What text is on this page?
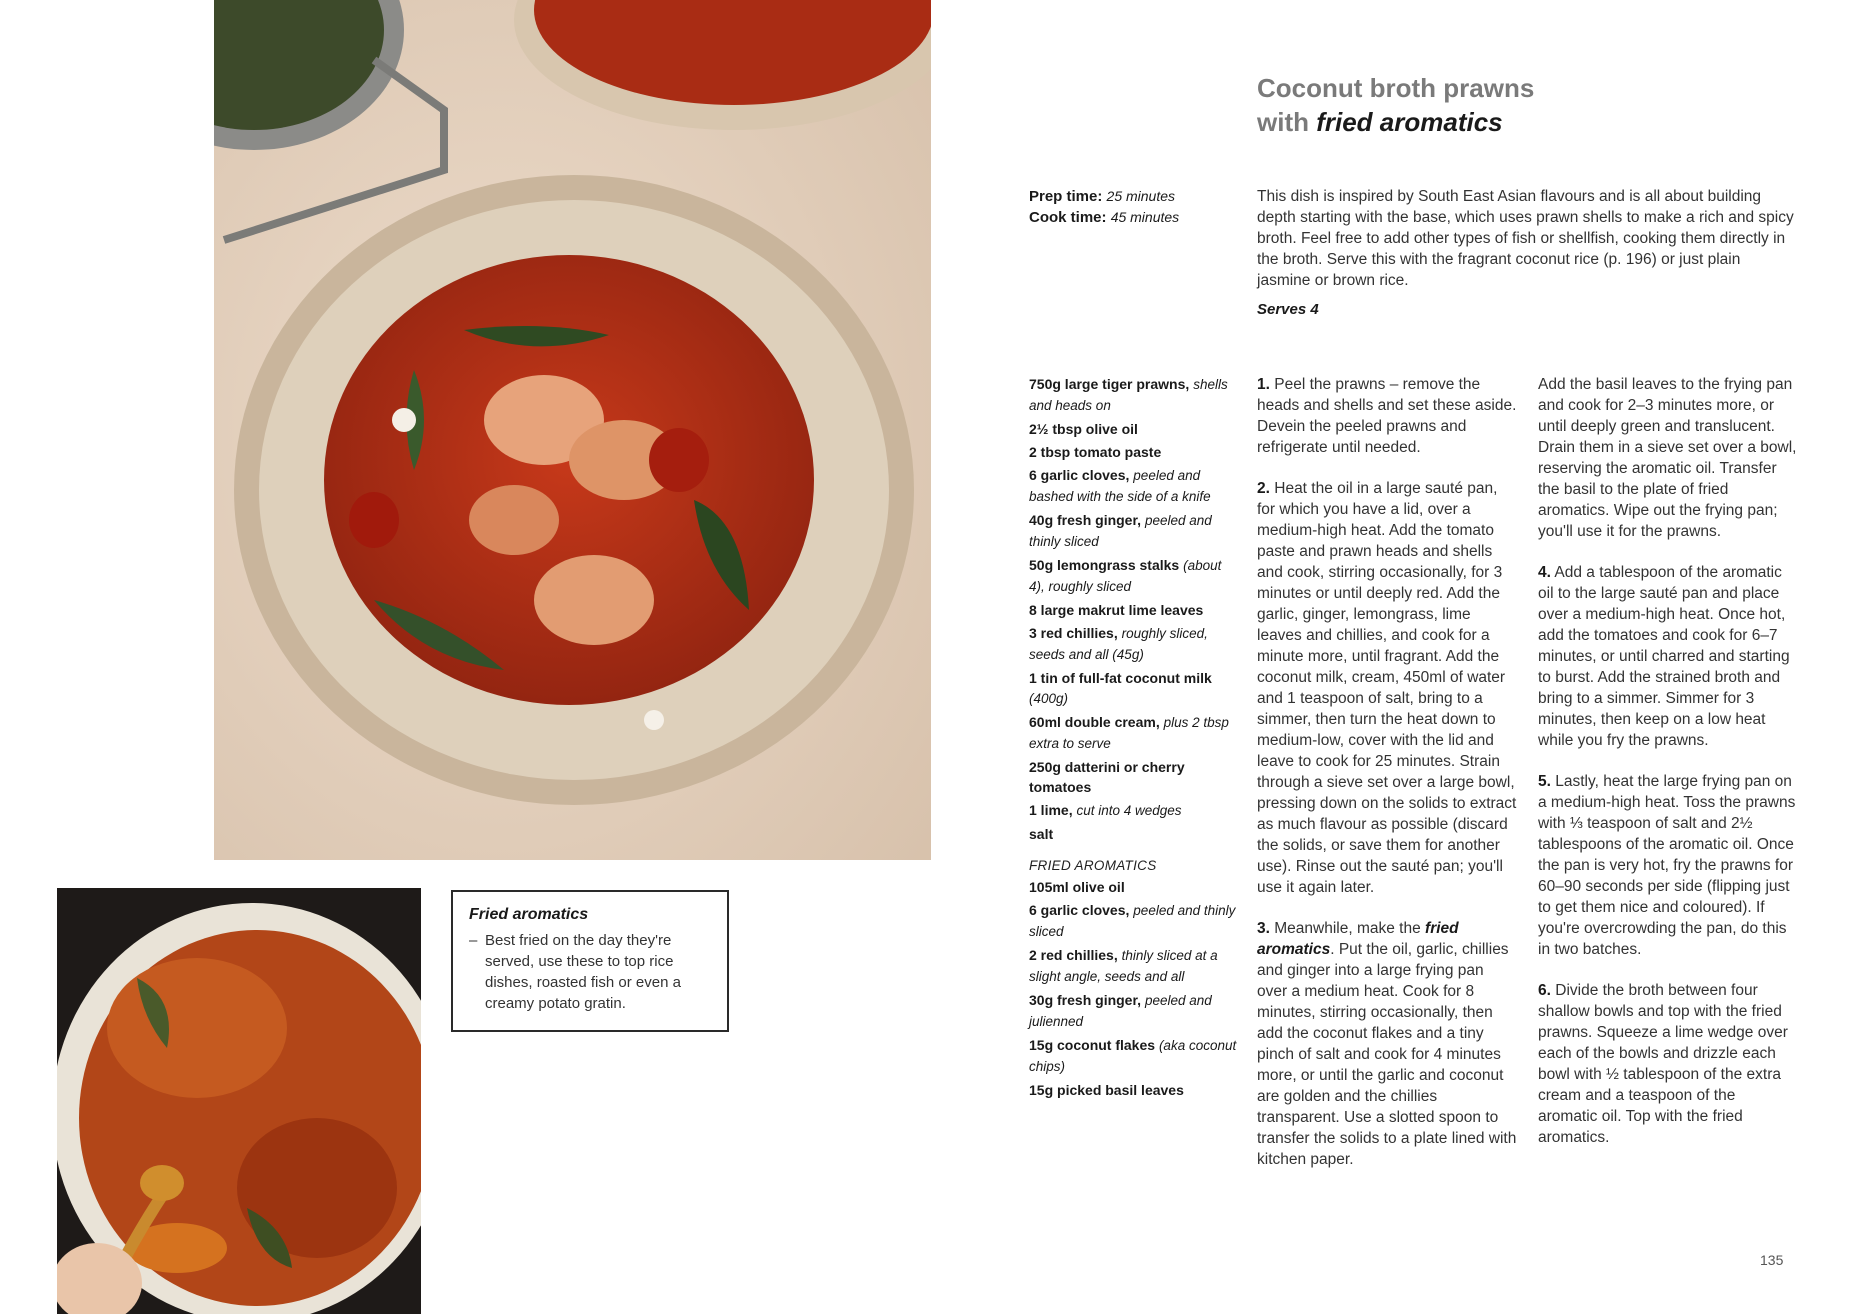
Fried aromatics
– Best fried on the day they're served, use these to top rice dishes, roasted fish or even a creamy potato gratin.
Coconut broth prawns
with fried aromatics
Prep time: 25 minutes
Cook time: 45 minutes
This dish is inspired by South East Asian flavours and is all about building depth starting with the base, which uses prawn shells to make a rich and spicy broth. Feel free to add other types of fish or shellfish, cooking them directly in the broth. Serve this with the fragrant coconut rice (p. 196) or just plain jasmine or brown rice.
Serves 4
750g large tiger prawns, shells and heads on
2½ tbsp olive oil
2 tbsp tomato paste
6 garlic cloves, peeled and bashed with the side of a knife
40g fresh ginger, peeled and thinly sliced
50g lemongrass stalks (about 4), roughly sliced
8 large makrut lime leaves
3 red chillies, roughly sliced, seeds and all (45g)
1 tin of full-fat coconut milk (400g)
60ml double cream, plus 2 tbsp extra to serve
250g datterini or cherry tomatoes
1 lime, cut into 4 wedges
salt
FRIED AROMATICS
105ml olive oil
6 garlic cloves, peeled and thinly sliced
2 red chillies, thinly sliced at a slight angle, seeds and all
30g fresh ginger, peeled and julienned
15g coconut flakes (aka coconut chips)
15g picked basil leaves
1. Peel the prawns – remove the heads and shells and set these aside. Devein the peeled prawns and refrigerate until needed.
2. Heat the oil in a large sauté pan, for which you have a lid, over a medium-high heat. Add the tomato paste and prawn heads and shells and cook, stirring occasionally, for 3 minutes or until deeply red. Add the garlic, ginger, lemongrass, lime leaves and chillies, and cook for a minute more, until fragrant. Add the coconut milk, cream, 450ml of water and 1 teaspoon of salt, bring to a simmer, then turn the heat down to medium-low, cover with the lid and leave to cook for 25 minutes. Strain through a sieve set over a large bowl, pressing down on the solids to extract as much flavour as possible (discard the solids, or save them for another use). Rinse out the sauté pan; you'll use it again later.
3. Meanwhile, make the fried aromatics. Put the oil, garlic, chillies and ginger into a large frying pan over a medium heat. Cook for 8 minutes, stirring occasionally, then add the coconut flakes and a tiny pinch of salt and cook for 4 minutes more, or until the garlic and coconut are golden and the chillies transparent. Use a slotted spoon to transfer the solids to a plate lined with kitchen paper.
Add the basil leaves to the frying pan and cook for 2–3 minutes more, or until deeply green and translucent. Drain them in a sieve set over a bowl, reserving the aromatic oil. Transfer the basil to the plate of fried aromatics. Wipe out the frying pan; you'll use it for the prawns.
4. Add a tablespoon of the aromatic oil to the large sauté pan and place over a medium-high heat. Once hot, add the tomatoes and cook for 6–7 minutes, or until charred and starting to burst. Add the strained broth and bring to a simmer. Simmer for 3 minutes, then keep on a low heat while you fry the prawns.
5. Lastly, heat the large frying pan on a medium-high heat. Toss the prawns with ⅓ teaspoon of salt and 2½ tablespoons of the aromatic oil. Once the pan is very hot, fry the prawns for 60–90 seconds per side (flipping just to get them nice and coloured). If you're overcrowding the pan, do this in two batches.
6. Divide the broth between four shallow bowls and top with the fried prawns. Squeeze a lime wedge over each of the bowls and drizzle each bowl with ½ tablespoon of the extra cream and a teaspoon of the aromatic oil. Top with the fried aromatics.
135
